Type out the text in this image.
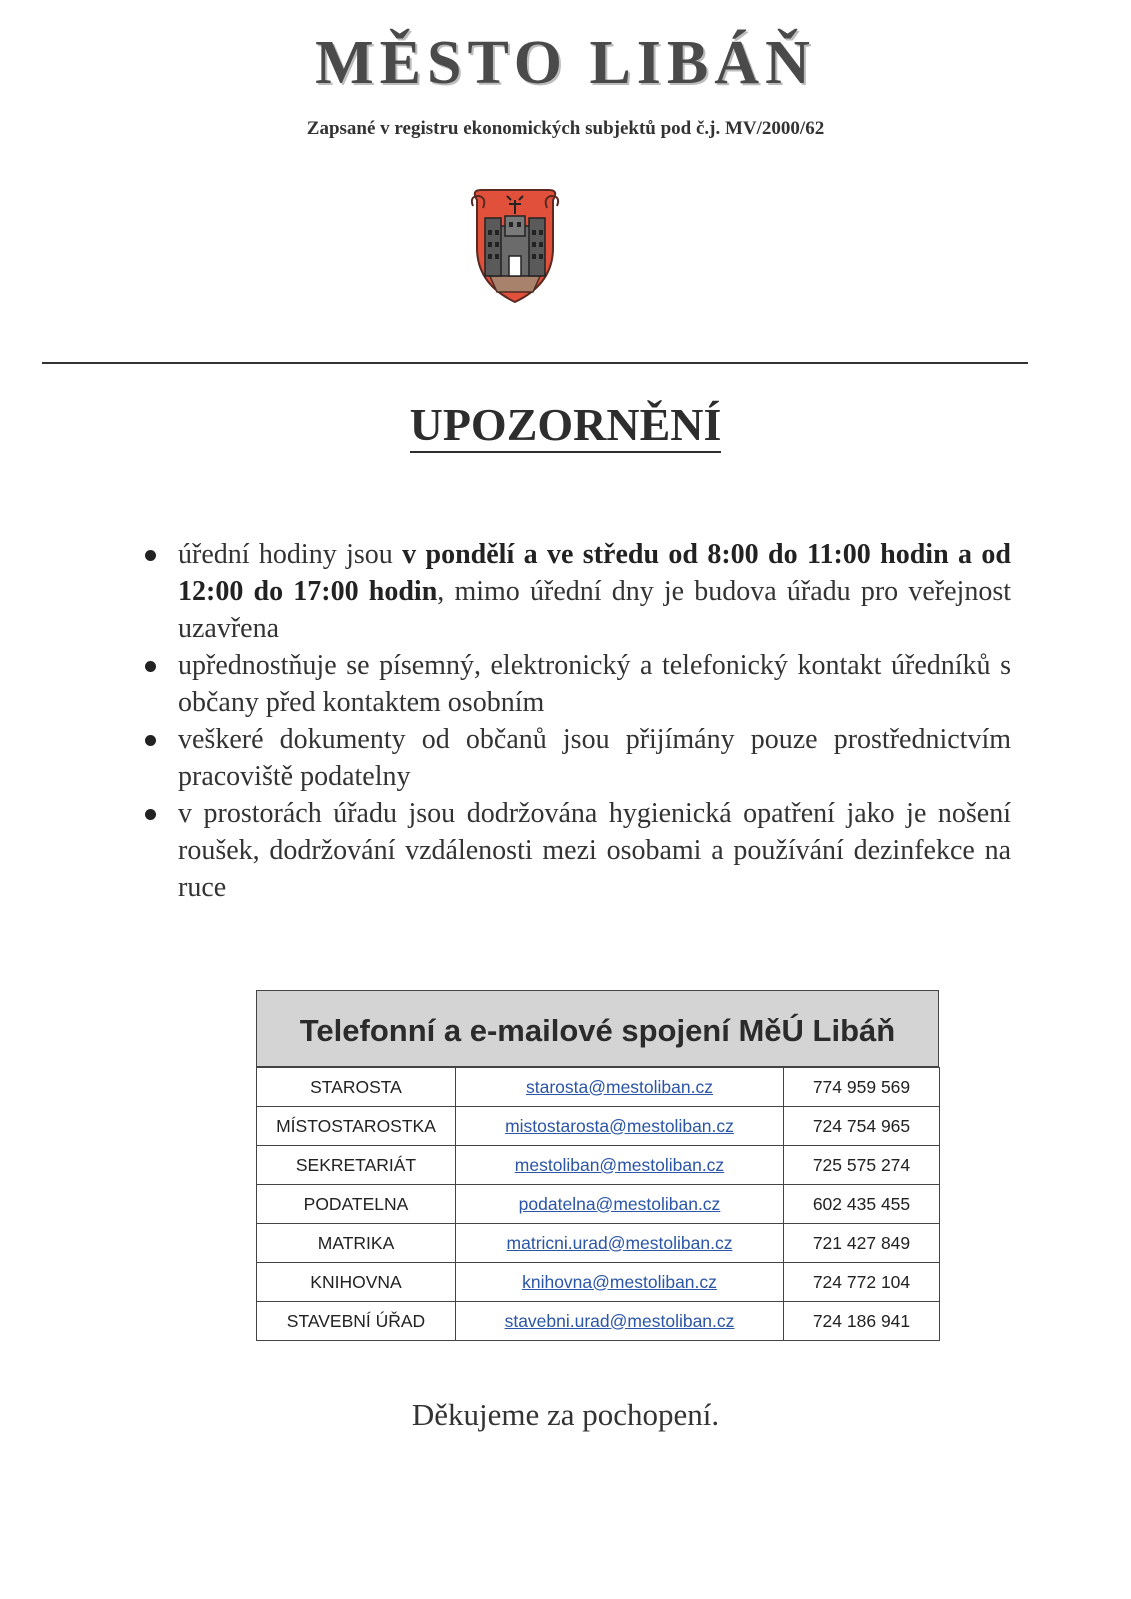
MĚSTO LIBÁŇ

Zapsané v registru ekonomických subjektů pod č.j. MV/2000/62

UPOZORNĚNÍ
úřední hodiny jsou v pondělí a ve středu od 8:00 do 11:00 hodin a od 12:00 do 17:00 hodin, mimo úřední dny je budova úřadu pro veřejnost uzavřena
upřednostňuje se písemný, elektronický a telefonický kontakt úředníků s občany před kontaktem osobním
veškeré dokumenty od občanů jsou přijímány pouze prostřednictvím pracoviště podatelny
v prostorách úřadu jsou dodržována hygienická opatření jako je nošení roušek, dodržování vzdálenosti mezi osobami a používání dezinfekce na ruce
Telefonní a e-mailové spojení MěÚ Libáň
STAROSTA	starosta@mestoliban.cz	774 959 569
MÍSTOSTAROSTKA	mistostarosta@mestoliban.cz	724 754 965
SEKRETARIÁT	mestoliban@mestoliban.cz	725 575 274
PODATELNA	podatelna@mestoliban.cz	602 435 455
MATRIKA	matricni.urad@mestoliban.cz	721 427 849
KNIHOVNA	knihovna@mestoliban.cz	724 772 104
STAVEBNÍ ÚŘAD	stavebni.urad@mestoliban.cz	724 186 941

Děkujeme za pochopení.
